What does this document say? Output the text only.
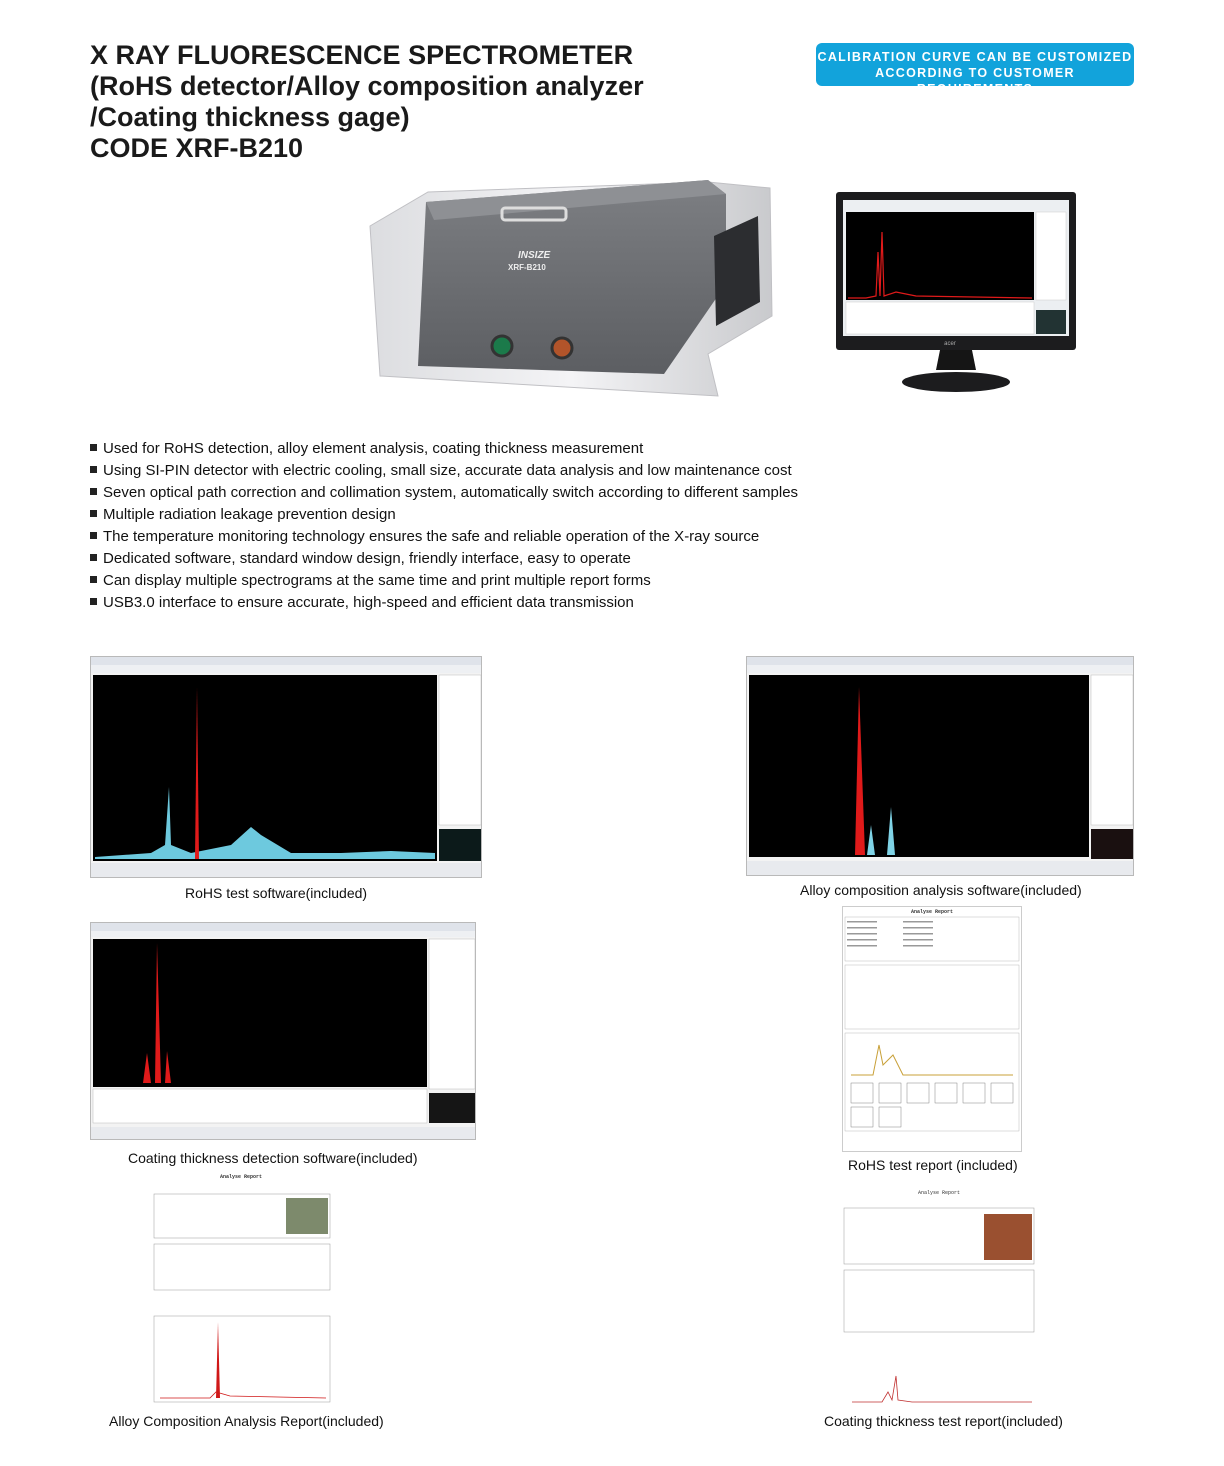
X RAY FLUORESCENCE SPECTROMETER
(RoHS detector/Alloy composition analyzer
/Coating thickness gage)
CODE XRF-B210
CALIBRATION CURVE CAN BE CUSTOMIZED
ACCORDING TO CUSTOMER REQUIREMENTS
INSIZE
XRF-B210
acer
Used for RoHS detection, alloy element analysis, coating thickness measurement
Using SI-PIN detector with electric cooling, small size, accurate data analysis and low maintenance cost
Seven optical path correction and collimation system, automatically switch according to different samples
Multiple radiation leakage prevention design
The temperature monitoring technology ensures the safe and reliable operation of the X-ray source
Dedicated software, standard window design, friendly interface, easy to operate
Can display multiple spectrograms at the same time and print multiple report forms
USB3.0 interface to ensure accurate, high-speed and efficient data transmission
RoHS test software(included)	Alloy composition analysis software(included)
Coating thickness detection software(included)
Analyse Report
RoHS test report (included)
Analyse Report
Alloy Composition Analysis Report(included)
Analyse Report
Coating thickness test report(included)
